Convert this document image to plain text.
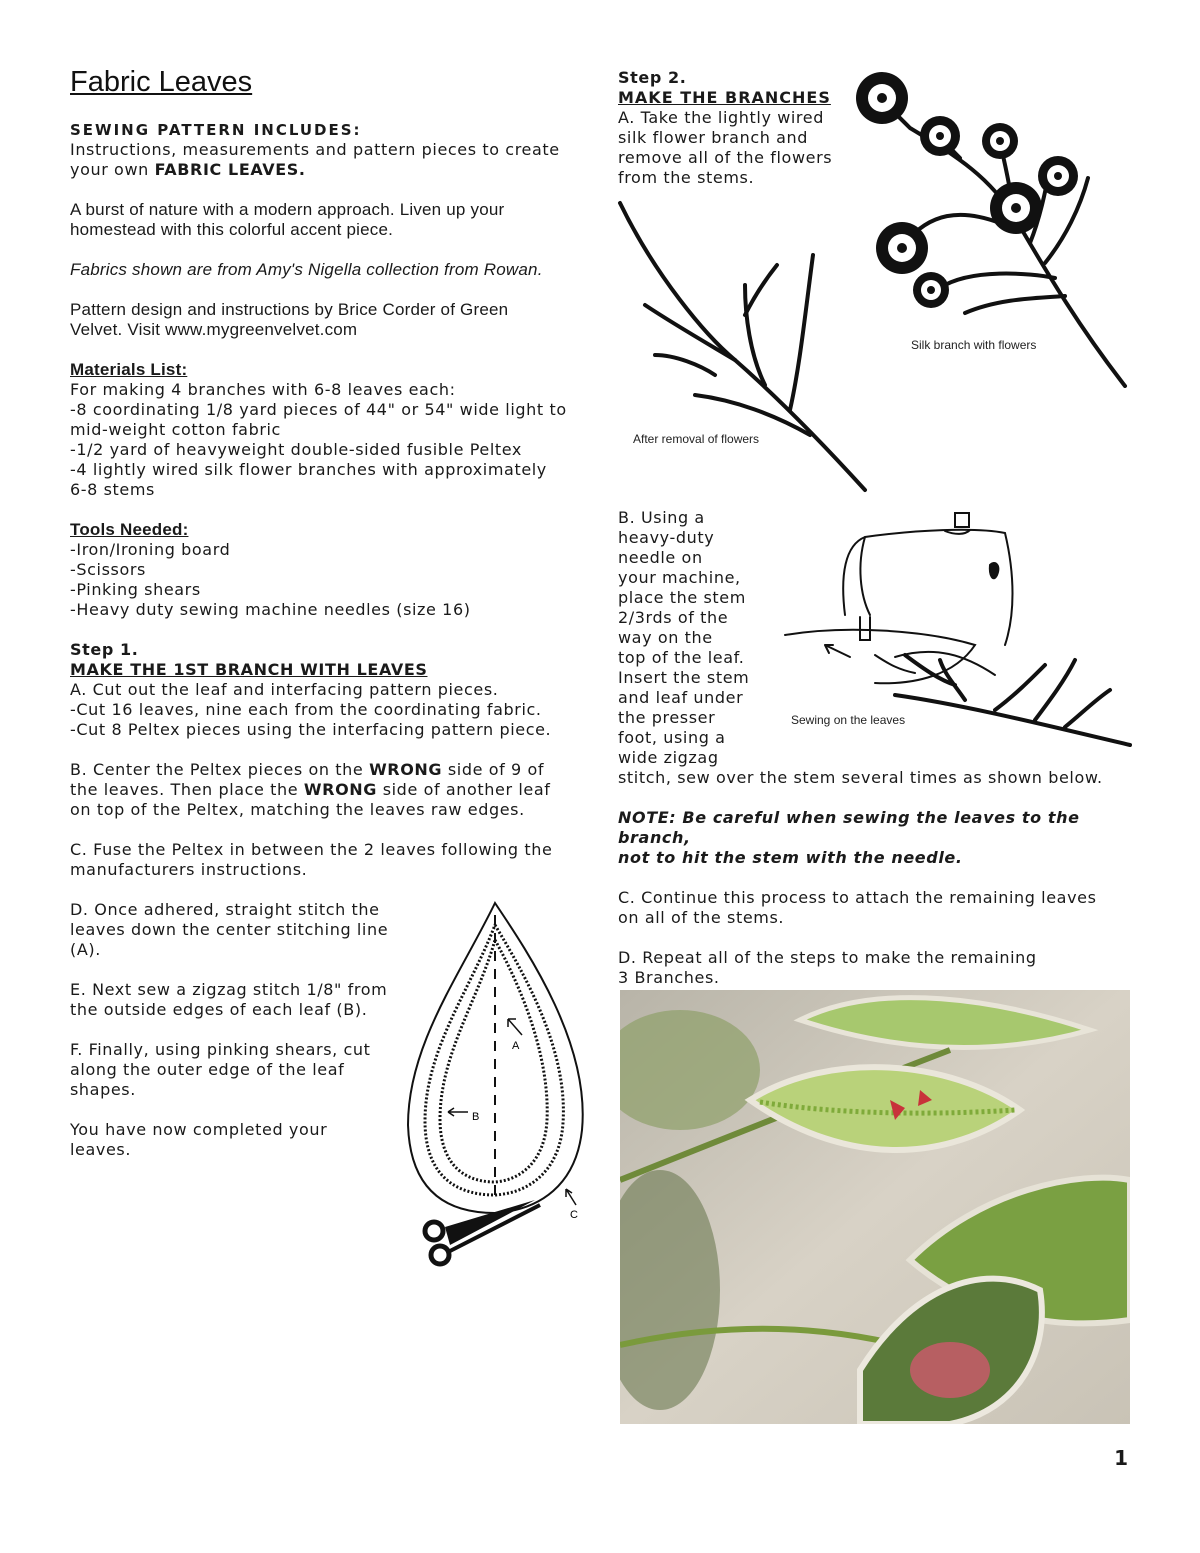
Fabric Leaves

SEWING PATTERN INCLUDES:

Instructions, measurements and pattern pieces to create

your own FABRIC LEAVES.

A burst of nature with a modern approach. Liven up your

homestead with this colorful accent piece.

Fabrics shown are from Amy's Nigella collection from Rowan.

Pattern design and instructions by Brice Corder of Green

Velvet. Visit www.mygreenvelvet.com

Materials List:

For making 4 branches with 6-8 leaves each:

-8 coordinating 1/8 yard pieces of 44" or 54" wide light to

mid-weight cotton fabric

-1/2 yard of heavyweight double-sided fusible Peltex

-4 lightly wired silk flower branches with approximately

6-8 stems

Tools Needed:

-Iron/Ironing board

-Scissors

-Pinking shears

-Heavy duty sewing machine needles (size 16)

Step 1.

MAKE THE 1ST BRANCH WITH LEAVES

A. Cut out the leaf and interfacing pattern pieces.

-Cut 16 leaves, nine each from the coordinating fabric.

-Cut 8 Peltex pieces using the interfacing pattern piece.

B. Center the Peltex pieces on the WRONG side of 9 of

the leaves. Then place the WRONG side of another leaf

on top of the Peltex, matching the leaves raw edges.

C. Fuse the Peltex in between the 2 leaves following the

manufacturers instructions.

D. Once adhered, straight stitch the

leaves down the center stitching line

(A).

E. Next sew a zigzag stitch 1/8" from

the outside edges of each leaf (B).

F. Finally, using pinking shears, cut

along the outer edge of the leaf

shapes.

You have now completed your

leaves.

A
B
C

Step 2.

MAKE THE BRANCHES

A. Take the lightly wired

silk flower branch and

remove all of the flowers

from the stems.

Silk branch with flowers
After removal of flowers

B. Using a

heavy-duty

needle on

your machine,

place the stem

2/3rds of the

way on the

top of the leaf.

Insert the stem

and leaf under

the presser

foot, using a

wide zigzag

stitch, sew over the stem several times as shown below.

NOTE: Be careful when sewing the leaves to the branch,

not to hit the stem with the needle.

C. Continue this process to attach the remaining leaves

on all of the stems.

D. Repeat all of the steps to make the remaining

3 Branches.

Sewing on the leaves
1
